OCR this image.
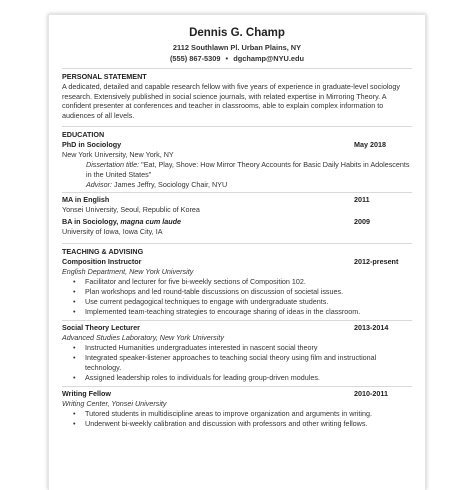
Dennis G. Champ
2112 Southlawn Pl. Urban Plains, NY
(555) 867-5309 • dgchamp@NYU.edu
PERSONAL STATEMENT

A dedicated, detailed and capable research fellow with five years of experience in graduate-level sociology research. Extensively published in social science journals, with related expertise in Mirroring Theory. A confident presenter at conferences and teacher in classrooms, able to explain complex information to audiences of all levels.

EDUCATION
PhD in Sociology	May 2018
New York University, New York, NY
Dissertation title: "Eat, Play, Shove: How Mirror Theory Accounts for Basic Daily Habits in Adolescents in the United States"
Advisor: James Jeffry, Sociology Chair, NYU
MA in English	2011
Yonsei University, Seoul, Republic of Korea
BA in Sociology, magna cum laude	2009
University of Iowa, Iowa City, IA
TEACHING & ADVISING
Composition Instructor	2012-present
English Department, New York University
• Facilitator and lecturer for five bi-weekly sections of Composition 102.
• Plan workshops and led round-table discussions on discussion of societal issues.
• Use current pedagogical techniques to engage with undergraduate students.
• Implemented team-teaching strategies to encourage sharing of ideas in the classroom.
Social Theory Lecturer	2013-2014
Advanced Studies Laboratory, New York University
• Instructed Humanities undergraduates interested in nascent social theory
• Integrated speaker-listener approaches to teaching social theory using film and instructional technology.
• Assigned leadership roles to individuals for leading group-driven modules.
Writing Fellow	2010-2011
Writing Center, Yonsei University
• Tutored students in multidiscipline areas to improve organization and arguments in writing.
• Underwent bi-weekly calibration and discussion with professors and other writing fellows.
